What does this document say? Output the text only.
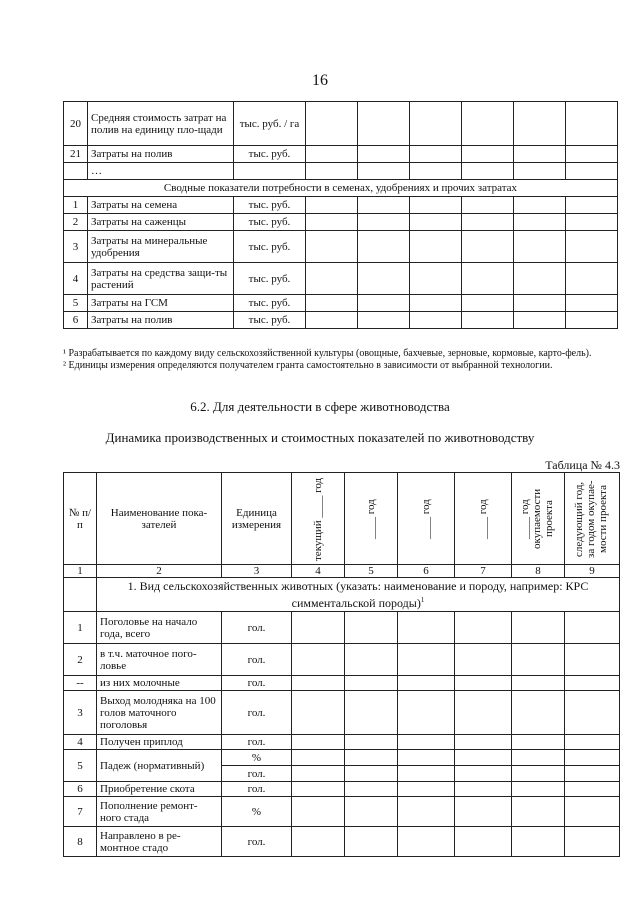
16
20	Средняя стоимость затрат на полив на единицу пло-щади	тыс. руб. / га						
21	Затраты на полив	тыс. руб.						
	…							
Сводные показатели потребности в семенах, удобрениях и прочих затратах								
1	Затраты на семена	тыс. руб.						
2	Затраты на саженцы	тыс. руб.						
3	Затраты на минеральные удобрения	тыс. руб.						
4	Затраты на средства защи-ты растений	тыс. руб.						
5	Затраты на ГСМ	тыс. руб.						
6	Затраты на полив	тыс. руб.						

¹ Разрабатывается по каждому виду сельскохозяйственной культуры (овощные, бахчевые, зерновые, кормовые, карто-фель).

² Единицы измерения определяются получателем гранта самостоятельно в зависимости от выбранной технологии.

6.2. Для деятельности в сфере животноводства
Динамика производственных и стоимостных показателей по животноводству
Таблица № 4.3
№ п/п	Наименование пока-зателей	Единица измерения	текущий ____ год	____ год	____ год	____ год	____ год окупаемости проекта	следующий год, за годом окупае-мости проекта

1	2	3	4	5	6	7	8	9
	1. Вид сельскохозяйственных животных (указать: наименование и породу, например: КРС симментальской породы)$^1$
1	Поголовье на начало года, всего	гол.						
2	в т.ч. маточное пого-ловье	гол.						
--	из них молочные	гол.						
3	Выход молодняка на 100 голов маточного поголовья	гол.						
4	Получен приплод	гол.						
5	Падеж (нормативный)	%						
		гол.						
6	Приобретение скота	гол.						
7	Пополнение ремонт-ного стада	%						
8	Направлено в ре-монтное стадо	гол.						
